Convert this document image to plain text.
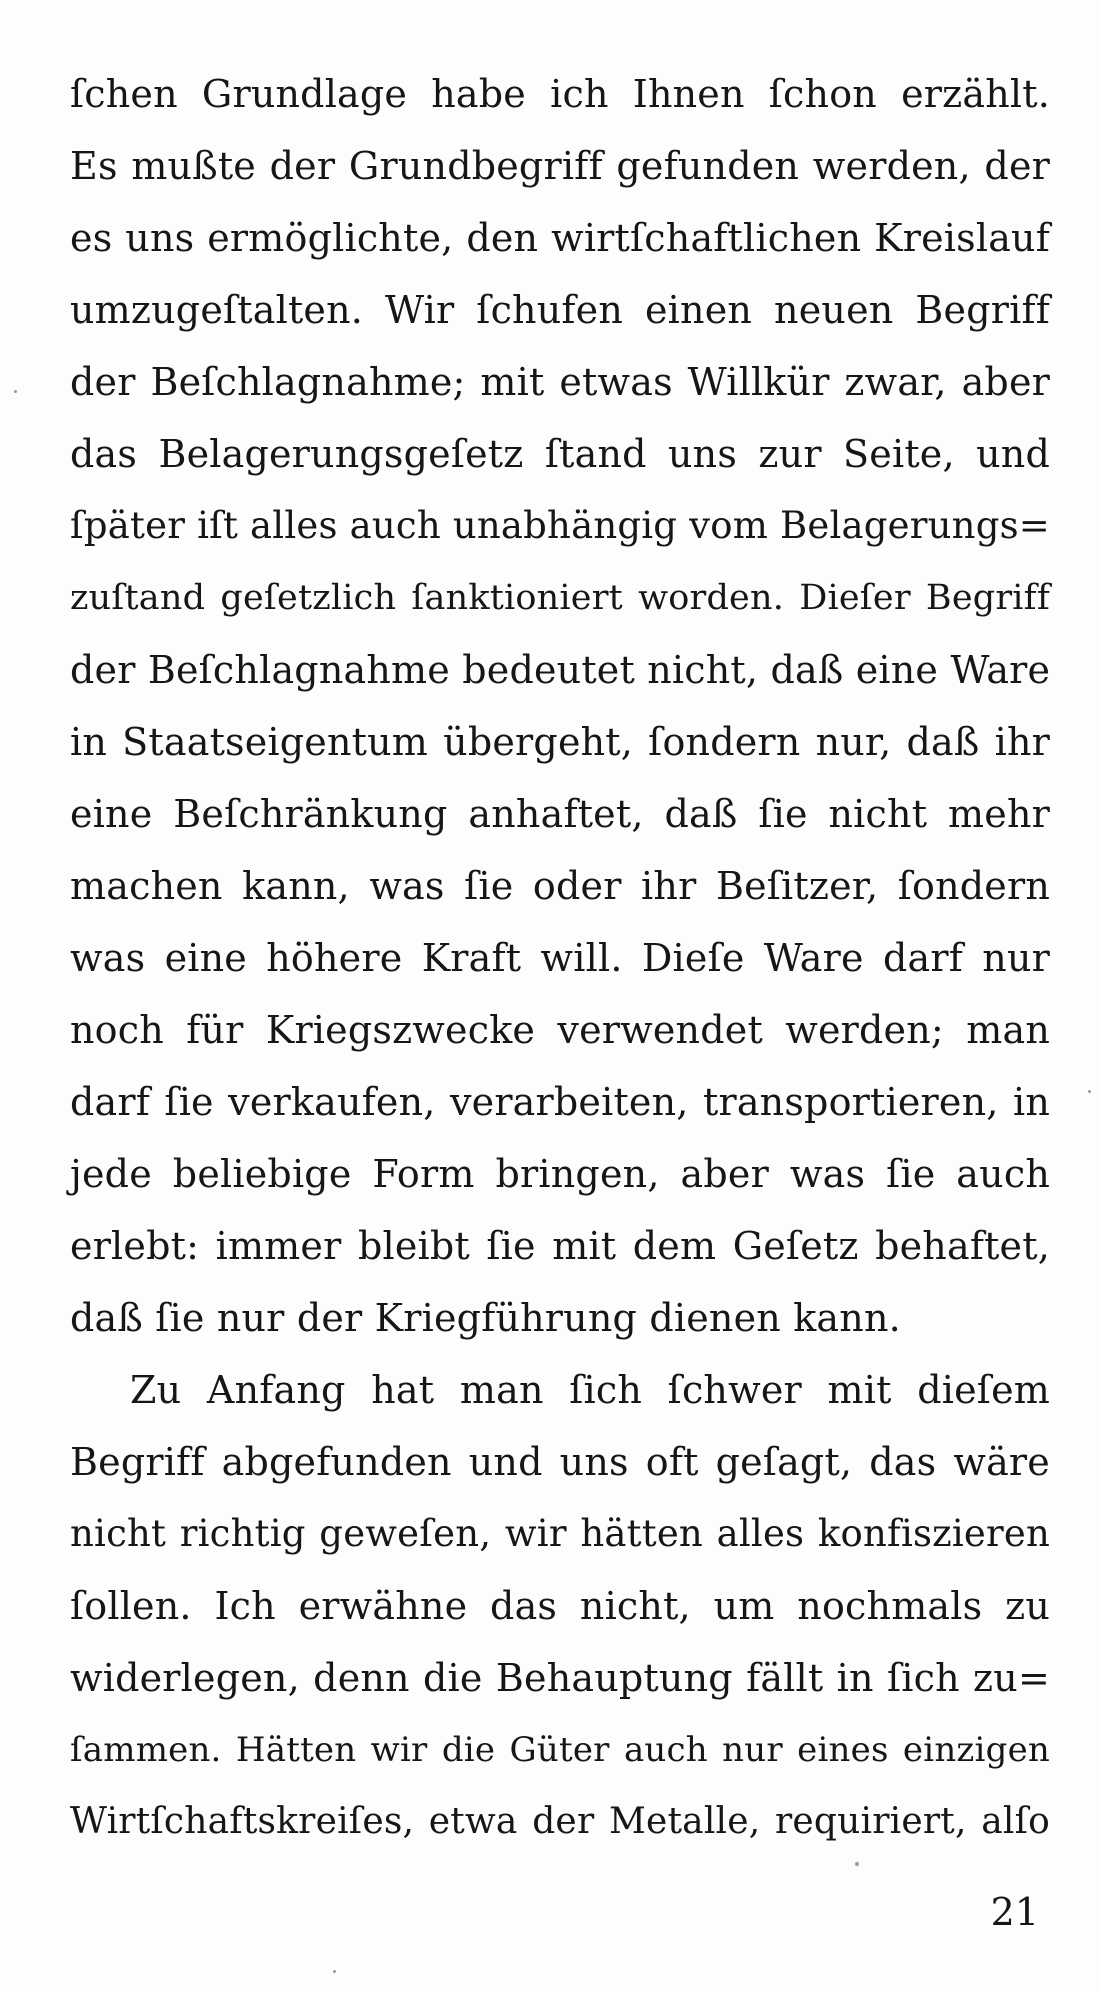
ſchen Grundlage habe ich Ihnen ſchon erzählt.
Es mußte der Grundbegriff gefunden werden, der
es uns ermöglichte, den wirtſchaftlichen Kreislauf
umzugeſtalten. Wir ſchufen einen neuen Begriff
der Beſchlagnahme; mit etwas Willkür zwar, aber
das Belagerungsgeſetz ſtand uns zur Seite, und
ſpäter iſt alles auch unabhängig vom Belagerungs=
zuſtand geſetzlich ſanktioniert worden. Dieſer Begriff
der Beſchlagnahme bedeutet nicht, daß eine Ware
in Staatseigentum übergeht, ſondern nur, daß ihr
eine Beſchränkung anhaftet, daß ſie nicht mehr
machen kann, was ſie oder ihr Beſitzer, ſondern
was eine höhere Kraft will. Dieſe Ware darf nur
noch für Kriegszwecke verwendet werden; man
darf ſie verkaufen, verarbeiten, transportieren, in
jede beliebige Form bringen, aber was ſie auch
erlebt: immer bleibt ſie mit dem Geſetz behaftet,
daß ſie nur der Kriegführung dienen kann.
Zu Anfang hat man ſich ſchwer mit dieſem
Begriff abgefunden und uns oft geſagt, das wäre
nicht richtig geweſen, wir hätten alles konfiszieren
ſollen. Ich erwähne das nicht, um nochmals zu
widerlegen, denn die Behauptung fällt in ſich zu=
ſammen. Hätten wir die Güter auch nur eines einzigen
Wirtſchaftskreiſes, etwa der Metalle, requiriert, alſo
21
